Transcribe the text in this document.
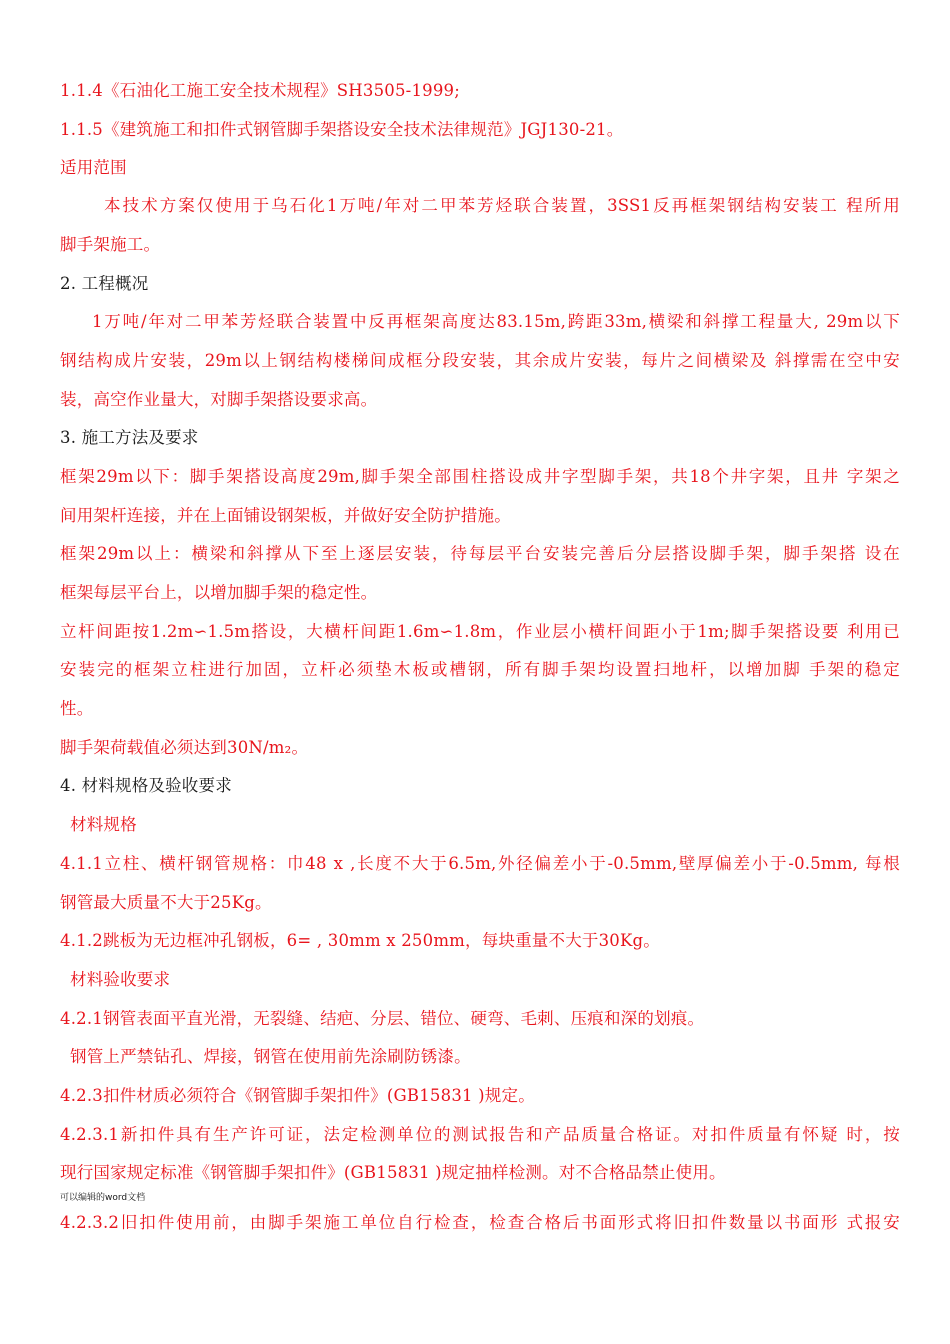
1.1.4《石油化工施工安全技术规程》SH3505-1999;
1.1.5《建筑施工和扣件式钢管脚手架搭设安全技术法律规范》JGJ130-21。
适用范围
本技术方案仅使用于乌石化1万吨/年对二甲苯芳烃联合装置，3SS1反再框架钢结构安装工 程所用
脚手架施工。
2. 工程概况
1万吨/年对二甲苯芳烃联合装置中反再框架高度达83.15m,跨距33m,横梁和斜撑工程量大, 29m以下
钢结构成片安装，29m以上钢结构楼梯间成框分段安装，其余成片安装，每片之间横梁及 斜撑需在空中安
装，高空作业量大，对脚手架搭设要求高。
3. 施工方法及要求
框架29m以下：脚手架搭设高度29m,脚手架全部围柱搭设成井字型脚手架，共18个井字架，且井 字架之
间用架杆连接，并在上面铺设钢架板，并做好安全防护措施。
框架29m以上：横梁和斜撑从下至上逐层安装，待每层平台安装完善后分层搭设脚手架，脚手架搭 设在
框架每层平台上，以增加脚手架的稳定性。
立杆间距按1.2m∽1.5m搭设，大横杆间距1.6m∽1.8m，作业层小横杆间距小于1m;脚手架搭设要 利用已
安装完的框架立柱进行加固，立杆必须垫木板或槽钢，所有脚手架均设置扫地杆，以增加脚 手架的稳定
性。
脚手架荷载值必须达到30N/m₂。
4. 材料规格及验收要求
材料规格
4.1.1立柱、横杆钢管规格：巾48 x ,长度不大于6.5m,外径偏差小于-0.5mm,壁厚偏差小于-0.5mm, 每根
钢管最大质量不大于25Kg。
4.1.2跳板为无边框冲孔钢板，6= , 30mm x 250mm，每块重量不大于30Kg。
材料验收要求
4.2.1钢管表面平直光滑，无裂缝、结疤、分层、错位、硬弯、毛刺、压痕和深的划痕。
钢管上严禁钻孔、焊接，钢管在使用前先涂刷防锈漆。
4.2.3扣件材质必须符合《钢管脚手架扣件》(GB15831 )规定。
4.2.3.1新扣件具有生产许可证，法定检测单位的测试报告和产品质量合格证。对扣件质量有怀疑 时，按
现行国家规定标准《钢管脚手架扣件》(GB15831 )规定抽样检测。对不合格品禁止使用。
可以编辑的word文档
4.2.3.2旧扣件使用前，由脚手架施工单位自行检查，检查合格后书面形式将旧扣件数量以书面形 式报安
